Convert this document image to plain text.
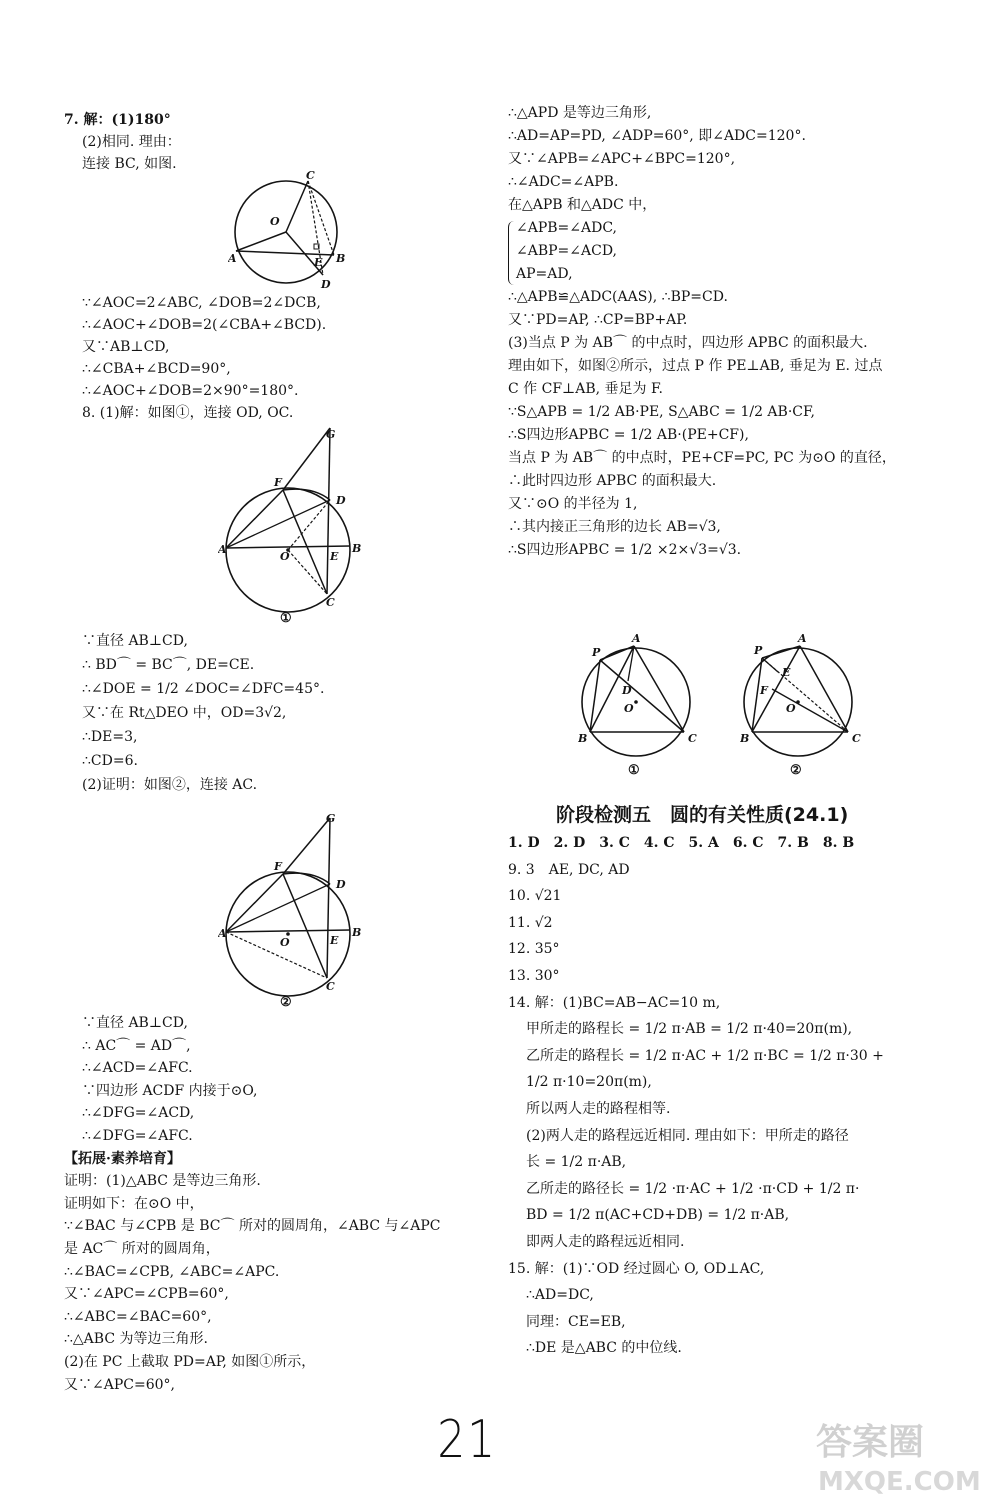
7. 解：(1)180°
(2)相同. 理由：
连接 BC, 如图.
C
O
A	B
E
D
∵∠AOC=2∠ABC, ∠DOB=2∠DCB,
∴∠AOC+∠DOB=2(∠CBA+∠BCD).
又∵AB⊥CD,
∴∠CBA+∠BCD=90°,
∴∠AOC+∠DOB=2×90°=180°.
8. (1)解：如图①，连接 OD, OC.
G
F
D
A
O	E
B
C
①
∵直径 AB⊥CD,
∴ BD⌒ = BC⌒, DE=CE.
∴∠DOE = 1/2 ∠DOC=∠DFC=45°.
又∵在 Rt△DEO 中，OD=3√2,
∴DE=3,
∴CD=6.
(2)证明：如图②，连接 AC.
G
F
D
A
O	E
B
C
②
∵直径 AB⊥CD,
∴ AC⌒ = AD⌒,
∴∠ACD=∠AFC.
∵四边形 ACDF 内接于⊙O,
∴∠DFG=∠ACD,
∴∠DFG=∠AFC.
【拓展·素养培育】
证明：(1)△ABC 是等边三角形.
证明如下：在⊙O 中，
∵∠BAC 与∠CPB 是 BC⌒ 所对的圆周角，∠ABC 与∠APC
是 AC⌒ 所对的圆周角，
∴∠BAC=∠CPB, ∠ABC=∠APC.
又∵∠APC=∠CPB=60°,
∴∠ABC=∠BAC=60°,
∴△ABC 为等边三角形.
(2)在 PC 上截取 PD=AP, 如图①所示，
又∵∠APC=60°,
∴△APD 是等边三角形,
∴AD=AP=PD, ∠ADP=60°, 即∠ADC=120°.
又∵∠APB=∠APC+∠BPC=120°,
∴∠ADC=∠APB.
在△APB 和△ADC 中，
∠APB=∠ADC,
∠ABP=∠ACD,
AP=AD,
∴△APB≌△ADC(AAS), ∴BP=CD.
又∵PD=AP, ∴CP=BP+AP.
(3)当点 P 为 AB⌒ 的中点时，四边形 APBC 的面积最大.
理由如下，如图②所示，过点 P 作 PE⊥AB, 垂足为 E. 过点
C 作 CF⊥AB, 垂足为 F.
∵S△APB = 1/2 AB·PE, S△ABC = 1/2 AB·CF,
∴S四边形APBC = 1/2 AB·(PE+CF),
当点 P 为 AB⌒ 的中点时，PE+CF=PC, PC 为⊙O 的直径，
∴此时四边形 APBC 的面积最大.
又∵⊙O 的半径为 1,
∴其内接正三角形的边长 AB=√3,
∴S四边形APBC = 1/2 ×2×√3=√3.
P
A
D
O
B	C
①
P
A
E
F
O
B	C
②
阶段检测五　圆的有关性质(24.1)
1. D　2. D　3. C　4. C　5. A　6. C　7. B　8. B
9. 3　AE, DC, AD
10. √21
11. √2
12. 35°
13. 30°
14. 解：(1)BC=AB−AC=10 m,
甲所走的路程长 = 1/2 π·AB = 1/2 π·40=20π(m),
乙所走的路程长 = 1/2 π·AC + 1/2 π·BC = 1/2 π·30 +
1/2 π·10=20π(m),
所以两人走的路程相等.
(2)两人走的路程远近相同. 理由如下：甲所走的路径
长 = 1/2 π·AB,
乙所走的路径长 = 1/2 ·π·AC + 1/2 ·π·CD + 1/2 π·
BD = 1/2 π(AC+CD+DB) = 1/2 π·AB,
即两人走的路程远近相同.
15. 解：(1)∵OD 经过圆心 O, OD⊥AC,
∴AD=DC,
同理：CE=EB,
∴DE 是△ABC 的中位线.
21	答案圈
MXQE.COM
